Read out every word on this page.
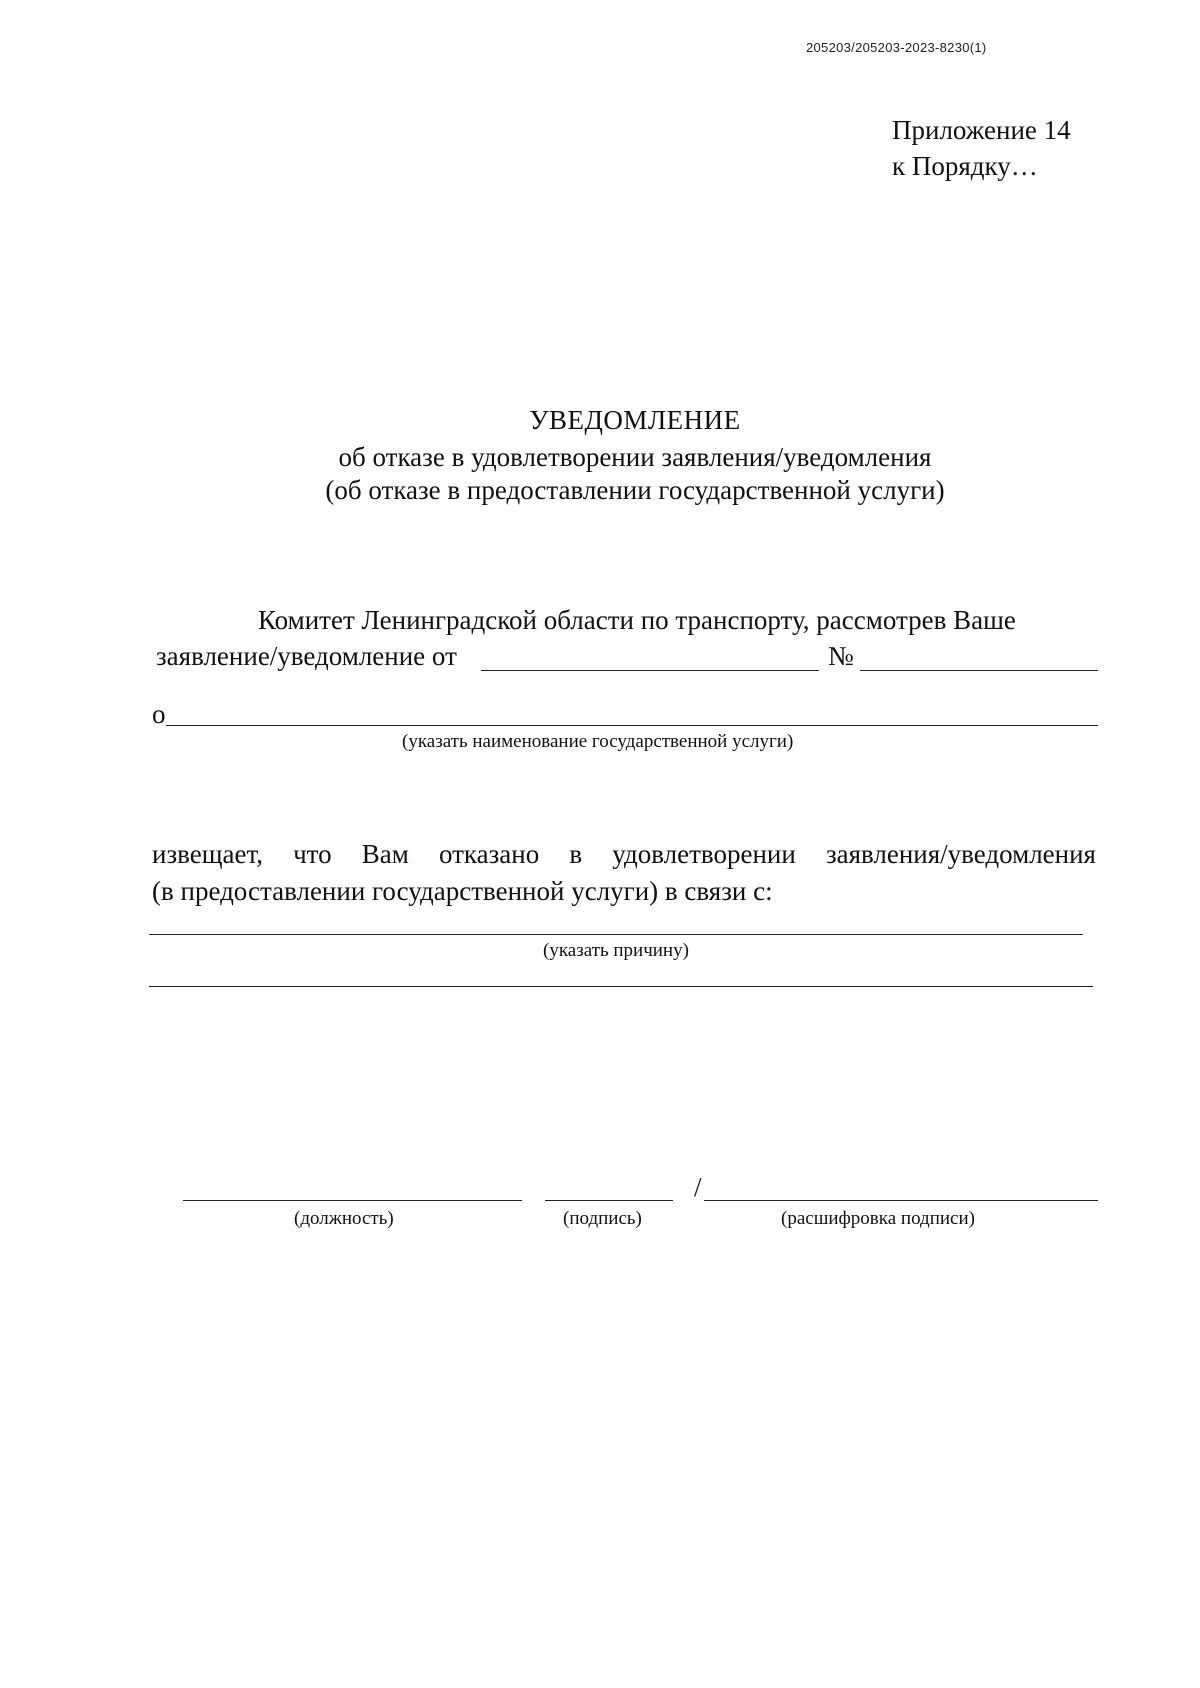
205203/205203-2023-8230(1)
Приложение 14
к Порядку…
УВЕДОМЛЕНИЕ
об отказе в удовлетворении заявления/уведомления
(об отказе в предоставлении государственной услуги)
Комитет Ленинградской области по транспорту, рассмотрев Ваше
заявление/уведомление от	№
о
(указать наименование государственной услуги)
извещает, что Вам отказано в удовлетворении заявления/уведомления
(в предоставлении государственной услуги) в связи с:
(указать причину)
/
(должность)	(подпись)	(расшифровка подписи)
